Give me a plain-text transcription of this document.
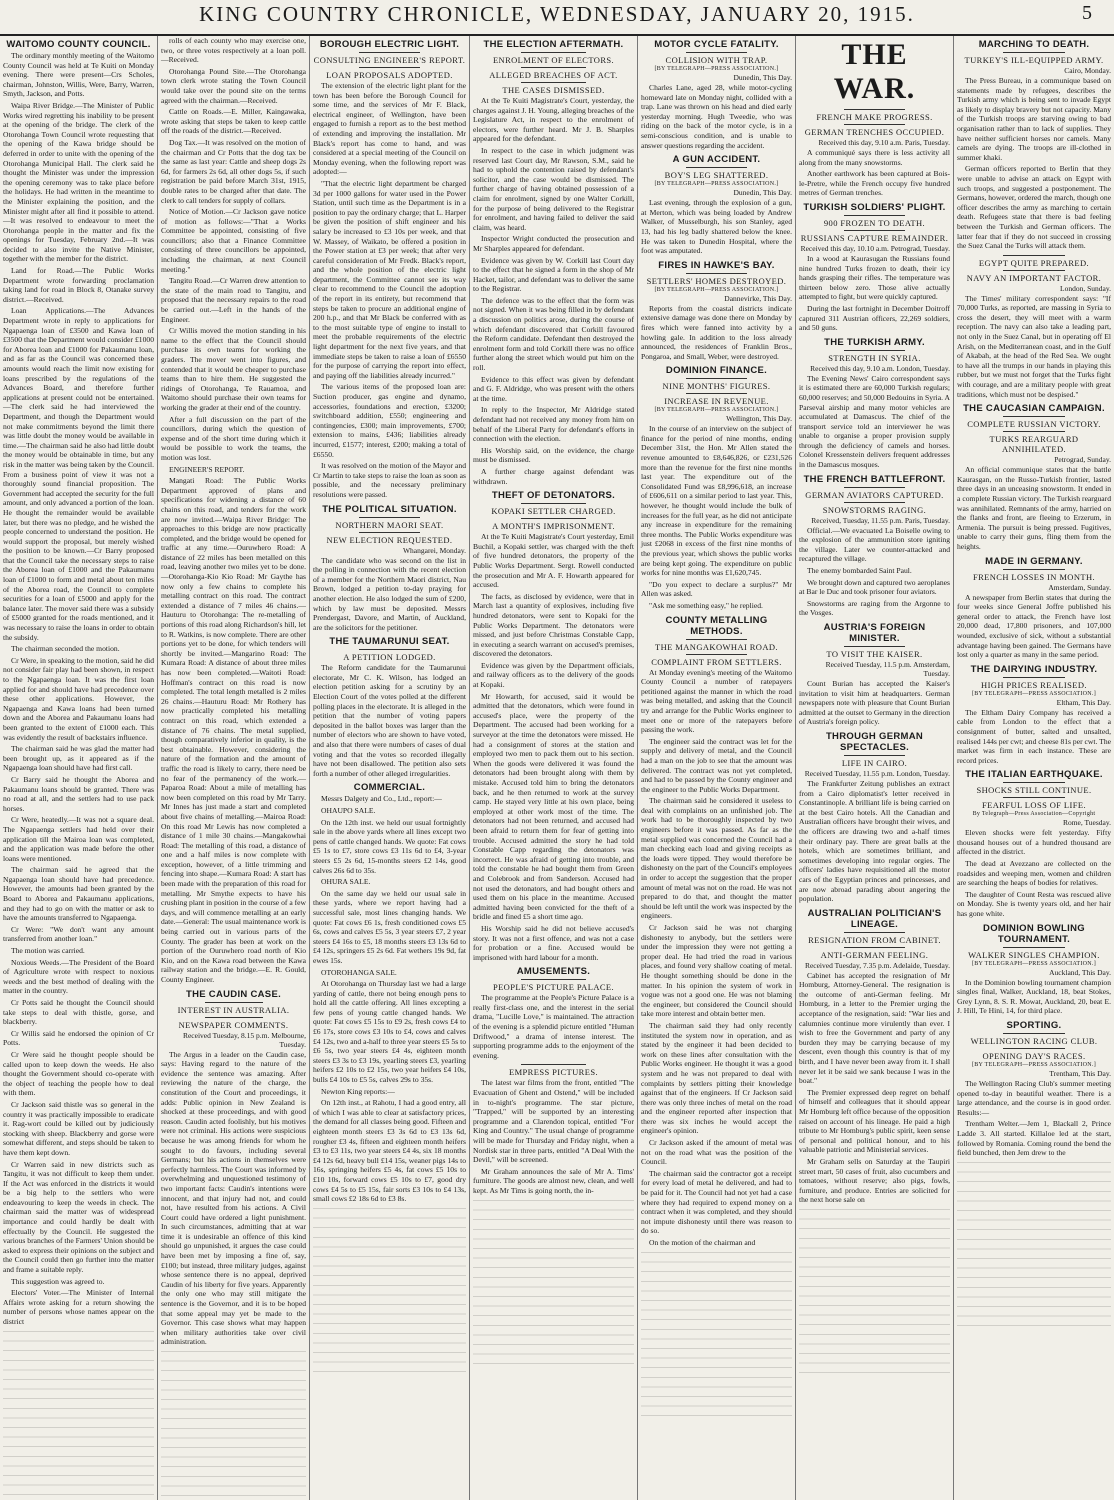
KING COUNTRY CHRONICLE, WEDNESDAY, JANUARY 20, 1915.	5
WAITOMO COUNTY COUNCIL.

The ordinary monthly meeting of the Waitomo County Council was held at Te Kuiti on Monday evening. There were present—Crs Scholes, chairman, Johnston, Willis, Were, Barry, Warren, Smyth, Jackson, and Potts.

Waipa River Bridge.—The Minister of Public Works wired regretting his inability to be present at the opening of the bridge. The clerk of the Otorohanga Town Council wrote requesting that the opening of the Kawa bridge should be deferred in order to unite with the opening of the Otorohanga Municipal Hall. The clerk said he thought the Minister was under the impression the opening ceremony was to take place before the holidays. He had written in the meantime to the Minister explaining the position, and the Minister might after all find it possible to attend.—It was resolved to endeavour to meet the Otorohanga people in the matter and fix the openings for Tuesday, February 2nd.—It was decided to also invite the Native Minister, together with the member for the district.

Land for Road.—The Public Works Department wrote forwarding proclamation taking land for road in Block 8, Otanake survey district.—Received.

Loan Applications.—The Advances Department wrote in reply to applications for Ngapaenga loan of £3500 and Kawa loan of £3500 that the Department would consider £1000 for Aborea loan and £1000 for Pakaumanu loan, and as far as the Council was concerned these amounts would reach the limit now existing for loans prescribed by the regulations of the Advances Board, and therefore further applications at present could not be entertained.—The clerk said he had interviewed the Department, and though the Department would not make commitments beyond the limit there was little doubt the money would be available in time.—The chairman said he also had little doubt the money would be obtainable in time, but any risk in the matter was being taken by the Council. From a business point of view it was not a thoroughly sound financial proposition. The Government had accepted the security for the full amount, and only advanced a portion of the loan. He thought the remainder would be available later, but there was no pledge, and he wished the people concerned to understand the position. He would support the proposal, but merely wished the position to be known.—Cr Barry proposed that the Council take the necessary steps to raise the Aborea loan of £1000 and the Pakaumanu loan of £1000 to form and metal about ten miles of the Aborea road, the Council to complete securities for a loan of £5000 and apply for the balance later. The mover said there was a subsidy of £5000 granted for the roads mentioned, and it was necessary to raise the loans in order to obtain the subsidy.

The chairman seconded the motion.

Cr Were, in speaking to the motion, said he did not consider fair play had been shown, in respect to the Ngapaenga loan. It was the first loan applied for and should have had precedence over these other applications. However, the Ngapaenga and Kawa loans had been turned down and the Aborea and Pakaumanu loans had been granted to the extent of £1000 each. This was evidently the result of backstairs influence.

The chairman said he was glad the matter had been brought up, as it appeared as if the Ngapaenga loan should have had first call.

Cr Barry said he thought the Aborea and Pakaumanu loans should be granted. There was no road at all, and the settlers had to use pack horses.

Cr Were, heatedly.—It was not a square deal. The Ngapaenga settlers had held over their application till the Mairoa loan was completed, and the application was made before the other loans were mentioned.

The chairman said he agreed that the Ngapaenga loan should have had precedence. However, the amounts had been granted by the Board to Aborea and Pakaumanu applications, and they had to go on with the matter or ask to have the amounts transferred to Ngapaenga.

Cr Were: "We don't want any amount transferred from another loan."

The motion was carried.

Noxious Weeds.—The President of the Board of Agriculture wrote with respect to noxious weeds and the best method of dealing with the matter in the country.

Cr Potts said he thought the Council should take steps to deal with thistle, gorse, and blackberry.

Cr Willis said he endorsed the opinion of Cr Potts.

Cr Were said he thought people should be called upon to keep down the weeds. He also thought the Government should co-operate with the object of teaching the people how to deal with them.

Cr Jackson said thistle was so general in the country it was practically impossible to eradicate it. Rag-wort could be killed out by judiciously stocking with sheep. Blackberry and gorse were somewhat different, and steps should be taken to have them kept down.

Cr Warren said in new districts such as Tangitu, it was not difficult to keep them under. If the Act was enforced in the districts it would be a big help to the settlers who were endeavouring to keep the weeds in check. The chairman said the matter was of widespread importance and could hardly be dealt with effectually by the Council. He suggested the various branches of the Farmers' Union should be asked to express their opinions on the subject and the Council could then go further into the matter and frame a suitable reply.

This suggestion was agreed to.

Electors' Voter.—The Minister of Internal Affairs wrote asking for a return showing the number of persons whose names appear on the district

rolls of each county who may exercise one, two, or three votes respectively at a loan poll.—Received.

Otorohanga Pound Site.—The Otorohanga town clerk wrote stating the Town Council would take over the pound site on the terms agreed with the chairman.—Received.

Cattle on Roads.—E. Miller, Kaingawaka, wrote asking that steps be taken to keep cattle off the roads of the district.—Received.

Dog Tax.—It was resolved on the motion of the chairman and Cr Potts that the dog tax be the same as last year: Cattle and sheep dogs 2s 6d, for farmers 2s 6d, all other dogs 5s, if such registration be paid before March 31st, 1915, double rates to be charged after that date. The clerk to call tenders for supply of collars.

Notice of Motion.—Cr Jackson gave notice of motion as follows:—"That a Works Committee be appointed, consisting of five councillors; also that a Finance Committee consisting of three councillors be appointed, including the chairman, at next Council meeting."

Tangitu Road.—Cr Warren drew attention to the state of the main road to Tangitu, and proposed that the necessary repairs to the road be carried out.—Left in the hands of the Engineer.

Cr Willis moved the motion standing in his name to the effect that the Council should purchase its own teams for working the graders. The mover went into figures, and contended that it would be cheaper to purchase teams than to hire them. He suggested the ridings of Otorohanga, Te Rauamoa, and Waitomo should purchase their own teams for working the grader at their end of the country.

After a full discussion on the part of the councillors, during which the question of expense and of the short time during which it would be possible to work the teams, the motion was lost.

ENGINEER'S REPORT.

Mangati Road: The Public Works Department approved of plans and specifications for widening a distance of 60 chains on this road, and tenders for the work are now invited.—Waipa River Bridge: The approaches to this bridge are now practically completed, and the bridge would be opened for traffic at any time.—Ouruwhero Road: A distance of 22 miles has been metalled on this road, leaving another two miles yet to be done.—Otorohanga-Kio Kio Road: Mr Gaythe has now only a few chains to complete his metalling contract on this road. The contract extended a distance of 7 miles 46 chains.—Hauturu to Otorohanga: The re-metalling of portions of this road along Richardson's hill, let to R. Watkins, is now complete. There are other portions yet to be done, for which tenders will shortly be invited.—Mangarino Road: The Kumara Road: A distance of about three miles has now been completed.—Waitoti Road: Hoffman's contract on this road is now completed. The total length metalled is 2 miles 26 chains.—Hauturu Road: Mr Rothery has now practically completed his metalling contract on this road, which extended a distance of 76 chains. The metal supplied, though comparatively inferior in quality, is the best obtainable. However, considering the nature of the formation and the amount of traffic the road is likely to carry, there need be no fear of the permanency of the work.—Paparoa Road: About a mile of metalling has now been completed on this road by Mr Tarry. Mr Innes has just made a start and completed about five chains of metalling.—Mairoa Road: On this road Mr Lewis has now completed a distance of 1 mile 30 chains.—Mangakowhai Road: The metalling of this road, a distance of one and a half miles is now complete with exception, however, of a little trimming and fencing into shape.—Kumara Road: A start has been made with the preparation of this road for metalling. Mr Smythe expects to have his crushing plant in position in the course of a few days, and will commence metalling at an early date.—General: The usual maintenance work is being carried out in various parts of the County. The grader has been at work on the portion of the Ouruwhero road north of Kio Kio, and on the Kawa road between the Kawa railway station and the bridge.—E. R. Gould, County Engineer.

THE CAUDIN CASE.
INTEREST IN AUSTRALIA.
NEWSPAPER COMMENTS.
Received Tuesday, 8.15 p.m. Melbourne, Tuesday.

The Argus in a leader on the Caudin case, says: Having regard to the nature of the evidence the sentence was amazing. After reviewing the nature of the charge, the constitution of the Court and proceedings, it adds: Public opinion in New Zealand is shocked at these proceedings, and with good reason. Caudin acted foolishly, but his motives were not criminal. His actions were suspicious because he was among friends for whom he sought to do favours, including several Germans; but his actions in themselves were perfectly harmless. The Court was informed by overwhelming and unquestioned testimony of two important facts: Caudin's intentions were innocent, and that injury had not, and could not, have resulted from his actions. A Civil Court could have ordered a light punishment. In such circumstances, admitting that at war time it is undesirable an offence of this kind should go unpunished, it argues the case could have been met by imposing a fine of, say, £100; but instead, three military judges, against whose sentence there is no appeal, deprived Caudin of his liberty for five years. Apparently the only one who may still mitigate the sentence is the Governor, and it is to be hoped that some appeal may yet be made to the Governor. This case shows what may happen when military authorities take over civil administration.

BOROUGH ELECTRIC LIGHT.
CONSULTING ENGINEER'S REPORT.
LOAN PROPOSALS ADOPTED.

The extension of the electric light plant for the town has been before the Borough Council for some time, and the services of Mr F. Black, electrical engineer, of Wellington, have been engaged to furnish a report as to the best method of extending and improving the installation. Mr Black's report has come to hand, and was considered at a special meeting of the Council on Monday evening, when the following report was adopted:—

"That the electric light department be charged 3d per 1000 gallons for water used in the Power Station, until such time as the Department is in a position to pay the ordinary charge; that L. Harper be given the position of shift engineer and his salary be increased to £3 10s per week, and that W. Massey, of Waikato, be offered a position in the Power station at £3 per week; that after very careful consideration of Mr Fredk. Black's report, and the whole position of the electric light department, the Committee cannot see its way clear to recommend to the Council the adoption of the report in its entirety, but recommend that steps be taken to procure an additional engine of 200 h.p., and that Mr Black be conferred with as to the most suitable type of engine to install to meet the probable requirements of the electric light department for the next five years, and that immediate steps be taken to raise a loan of £6550 for the purpose of carrying the report into effect, and paying off the liabilities already incurred."

The various items of the proposed loan are: Suction producer, gas engine and dynamo, accessories, foundations and erection, £3200; switchboard addition, £550; engineering and contingencies, £300; main improvements, £700; extension to mains, £436; liabilities already incurred, £1577; interest, £200; making a total of £6550.

It was resolved on the motion of the Mayor and Cr Martin to take steps to raise the loan as soon as possible, and the necessary preliminary resolutions were passed.

THE POLITICAL SITUATION.
NORTHERN MAORI SEAT.
NEW ELECTION REQUESTED.
Whangarei, Monday.

The candidate who was second on the list in the polling in connection with the recent election of a member for the Northern Maori district, Nau Brown, lodged a petition to-day praying for another election. He also lodged the sum of £200, which by law must be deposited. Messrs Prendergast, Davore, and Martin, of Auckland, are the solicitors for the petitioner.

THE TAUMARUNUI SEAT.
A PETITION LODGED.

The Reform candidate for the Taumarunui electorate, Mr C. K. Wilson, has lodged an election petition asking for a scrutiny by an Election Court of the votes polled at the different polling places in the electorate. It is alleged in the petition that the number of voting papers deposited in the ballot boxes was larger than the number of electors who are shown to have voted, and also that there were numbers of cases of dual voting and that the votes so recorded illegally have not been disallowed. The petition also sets forth a number of other alleged irregularities.

COMMERCIAL.

Messrs Dalgety and Co., Ltd., report:—

OHAUPO SALE.

On the 12th inst. we held our usual fortnightly sale in the above yards where all lines except two pens of cattle changed hands. We quote: Fat cows £5 1s to £7, store cows £3 11s 6d to £4, 3-year steers £5 2s 6d, 15-months steers £2 14s, good calves 26s 6d to 35s.

OHURA SALE.

On the same day we held our usual sale in these yards, where we report having had a successful sale, most lines changing hands. We quote: Fat cows £6 1s, fresh conditioned cows £5 6s, cows and calves £5 5s, 3 year steers £7, 2 year steers £4 16s to £5, 18 months steers £3 13s 6d to £4 12s, springers £5 2s 6d. Fat wethers 19s 9d, fat ewes 15s.

OTOROHANGA SALE.

At Otorohanga on Thursday last we had a large yarding of cattle, there not being enough pens to hold all the cattle offering. All lines excepting a few pens of young cattle changed hands. We quote: Fat cows £5 15s to £9 2s, fresh cows £4 to £6 17s, store cows £3 10s to £4, cows and calves £4 12s, two and a-half to three year steers £5 5s to £6 5s, two year steers £4 4s, eighteen month steers £3 3s to £3 19s, yearling steers £3, yearling heifers £2 10s to £2 15s, two year heifers £4 10s, bulls £4 10s to £5 5s, calves 29s to 35s.

Newton King reports:—

On 12th inst., at Rahotu, I had a good entry, all of which I was able to clear at satisfactory prices, the demand for all classes being good. Fifteen and eighteen month steers £3 3s 6d to £3 13s 6d, rougher £3 4s, fifteen and eighteen month heifers £3 to £3 11s, two year steers £4 4s, six 18 months £4 12s 6d, heavy bull £14 15s, weaner pigs 14s to 16s, springing heifers £5 4s, fat cows £5 10s to £10 10s, forward cows £5 10s to £7, good dry cows £4 5s to £5 15s, fair sorts £3 10s to £4 13s, small cows £2 18s 6d to £3 8s.

THE ELECTION AFTERMATH.
ENROLMENT OF ELECTORS.
ALLEGED BREACHES OF ACT.
THE CASES DISMISSED.

At the Te Kuiti Magistrate's Court, yesterday, the charges against J. H. Young, alleging breaches of the Legislature Act, in respect to the enrolment of electors, were further heard. Mr J. B. Sharples appeared for the defendant.

In respect to the case in which judgment was reserved last Court day, Mr Rawson, S.M., said he had to uphold the contention raised by defendant's solicitor, and the case would be dismissed. The further charge of having obtained possession of a claim for enrolment, signed by one Walter Corkill, for the purpose of being delivered to the Registrar for enrolment, and having failed to deliver the said claim, was heard.

Inspector Wright conducted the prosecution and Mr Sharples appeared for defendant.

Evidence was given by W. Corkill last Court day to the effect that he signed a form in the shop of Mr Hacket, tailor, and defendant was to deliver the same to the Registrar.

The defence was to the effect that the form was not signed. When it was being filled in by defendant a discussion on politics arose, during the course of which defendant discovered that Corkill favoured the Reform candidate. Defendant then destroyed the enrolment form and told Corkill there was no office further along the street which would put him on the roll.

Evidence to this effect was given by defendant and G. F. Aldridge, who was present with the others at the time.

In reply to the Inspector, Mr Aldridge stated defendant had not received any money from him on behalf of the Liberal Party for defendant's efforts in connection with the election.

His Worship said, on the evidence, the charge must be dismissed.

A further charge against defendant was withdrawn.

THEFT OF DETONATORS.
KOPAKI SETTLER CHARGED.
A MONTH'S IMPRISONMENT.

At the Te Kuiti Magistrate's Court yesterday, Emil Buchil, a Kopaki settler, was charged with the theft of five hundred detonators, the property of the Public Works Department. Sergt. Rowell conducted the prosecution and Mr A. F. Howarth appeared for accused.

The facts, as disclosed by evidence, were that in March last a quantity of explosives, including five hundred detonators, were sent to Kopaki for the Public Works Department. The detonators were missed, and just before Christmas Constable Capp, in executing a search warrant on accused's premises, discovered the detonators.

Evidence was given by the Department officials, and railway officers as to the delivery of the goods at Kopaki.

Mr Howarth, for accused, said it would be admitted that the detonators, which were found in accused's place, were the property of the Department. The accused had been working for a surveyor at the time the detonators were missed. He had a consignment of stores at the station and employed two men to pack them out to his section. When the goods were delivered it was found the detonators had been brought along with them by mistake. Accused told him to bring the detonators back, and he then returned to work at the survey camp. He stayed very little at his own place, being employed at other work most of the time. The detonators had not been returned, and accused had been afraid to return them for fear of getting into trouble. Accused admitted the story he had told Constable Capp regarding the detonators was incorrect. He was afraid of getting into trouble, and told the constable he had bought them from Green and Colebrook and from Sanderson. Accused had not used the detonators, and had bought others and used them on his place in the meantime. Accused admitted having been convicted for the theft of a bridle and fined £5 a short time ago.

His Worship said he did not believe accused's story. It was not a first offence, and was not a case for probation or a fine. Accused would be imprisoned with hard labour for a month.

AMUSEMENTS.
PEOPLE'S PICTURE PALACE.

The programme at the People's Picture Palace is a really first-class one, and the interest in the serial drama, "Lucille Love," is maintained. The attraction of the evening is a splendid picture entitled "Human Driftwood," a drama of intense interest. The supporting programme adds to the enjoyment of the evening.

EMPRESS PICTURES.

The latest war films from the front, entitled "The Evacuation of Ghent and Ostend," will be included in to-night's programme. The star picture, "Trapped," will be supported by an interesting programme and a Clarendon topical, entitled "For King and Country." The usual change of programme will be made for Thursday and Friday night, when a Nordisk star in three parts, entitled "A Deal With the Devil," will be screened.

Mr Graham announces the sale of Mr A. Tims' furniture. The goods are almost new, clean, and well kept. As Mr Tims is going north, the in-

MOTOR CYCLE FATALITY.
COLLISION WITH TRAP.
[BY TELEGRAPH—PRESS ASSOCIATION.]
Dunedin, This Day.

Charles Lane, aged 28, while motor-cycling homeward late on Monday night, collided with a trap. Lane was thrown on his head and died early yesterday morning. Hugh Tweedie, who was riding on the back of the motor cycle, is in a semi-conscious condition, and is unable to answer questions regarding the accident.

A GUN ACCIDENT.
BOY'S LEG SHATTERED.
[BY TELEGRAPH—PRESS ASSOCIATION.]
Dunedin, This Day.

Last evening, through the explosion of a gun, at Merton, which was being loaded by Andrew Walker, of Musselburgh, his son Stanley, aged 13, had his leg badly shattered below the knee. He was taken to Dunedin Hospital, where the foot was amputated.

FIRES IN HAWKE'S BAY.
SETTLERS' HOMES DESTROYED.
[BY TELEGRAPH—PRESS ASSOCIATION.]
Dannevirke, This Day.

Reports from the coastal districts indicate extensive damage was done there on Monday by fires which were fanned into activity by a howling gale. In addition to the loss already announced, the residences of Franklin Bros., Pongaroa, and Small, Weber, were destroyed.

DOMINION FINANCE.
NINE MONTHS' FIGURES.
INCREASE IN REVENUE.
[BY TELEGRAPH—PRESS ASSOCIATION.]
Wellington, This Day.

In the course of an interview on the subject of finance for the period of nine months, ending December 31st, the Hon. Mr Allen stated the revenue amounted to £8,646,826, or £231,526 more than the revenue for the first nine months last year. The expenditure out of the Consolidated Fund was £8,996,618, an increase of £606,611 on a similar period to last year. This, however, he thought would include the bulk of increases for the full year, as he did not anticipate any increase in expenditure for the remaining three months. The Public Works expenditure was just £2068 in excess of the first nine months of the previous year, which shows the public works are being kept going. The expenditure on public works for nine months was £1,620,745.

"Do you expect to declare a surplus?" Mr Allen was asked.

"Ask me something easy," he replied.

COUNTY METALLING METHODS.
THE MANGAKOWHAI ROAD.
COMPLAINT FROM SETTLERS.

At Monday evening's meeting of the Waitomo County Council a number of ratepayers petitioned against the manner in which the road was being metalled, and asking that the Council try and arrange for the Public Works engineer to meet one or more of the ratepayers before passing the work.

The engineer said the contract was let for the supply and delivery of metal, and the Council had a man on the job to see that the amount was delivered. The contract was not yet completed, and had to be passed by the County engineer and the engineer to the Public Works Department.

The chairman said he considered it useless to deal with complaints on an unfinished job. The work had to be thoroughly inspected by two engineers before it was passed. As far as the metal supplied was concerned the Council had a man checking each load and giving receipts as the loads were tipped. They would therefore be dishonesty on the part of the Council's employees in order to accept the suggestion that the proper amount of metal was not on the road. He was not prepared to do that, and thought the matter should be left until the work was inspected by the engineers.

Cr Jackson said he was not charging dishonesty to anybody, but the settlers were under the impression they were not getting a proper deal. He had tried the road in various places, and found very shallow coating of metal. He thought something should be done in the matter. In his opinion the system of work in vogue was not a good one. He was not blaming the engineer, but considered the Council should take more interest and obtain better men.

The chairman said they had only recently instituted the system now in operation, and as stated by the engineer it had been decided to work on these lines after consultation with the Public Works engineer. He thought it was a good system and he was not prepared to deal with complaints by settlers pitting their knowledge against that of the engineers. If Cr Jackson said there was only three inches of metal on the road and the engineer reported after inspection that there was six inches he would accept the engineer's opinion.

Cr Jackson asked if the amount of metal was not on the road what was the position of the Council.

The chairman said the contractor got a receipt for every load of metal he delivered, and had to be paid for it. The Council had not yet had a case where they had required to expend money on a contract when it was completed, and they should not impute dishonesty until there was reason to do so.

On the motion of the chairman and

THE WAR.
FRENCH MAKE PROGRESS.
GERMAN TRENCHES OCCUPIED.
Received this day, 9.10 a.m. Paris, Tuesday.

A communiqué says there is less activity all along from the many snowstorms.

Another earthwork has been captured at Bois-le-Pretre, while the French occupy five hundred metres of German trenches.

TURKISH SOLDIERS' PLIGHT.
900 FROZEN TO DEATH.
RUSSIANS CAPTURE REMAINDER.
Received this day, 10.10 a.m. Petrograd, Tuesday.

In a wood at Kaurasugan the Russians found nine hundred Turks frozen to death, their icy hands grasping their rifles. The temperature was thirteen below zero. Those alive actually attempted to fight, but were quickly captured.

During the last fortnight in December Doitroff captured 311 Austrian officers, 22,269 soldiers, and 50 guns.

THE TURKISH ARMY.
STRENGTH IN SYRIA.
Received this day, 9.10 a.m. London, Tuesday.

The Evening News' Cairo correspondent says it is estimated there are 60,000 Turkish regulars; 60,000 reserves; and 50,000 Bedouins in Syria. A Parseval airship and many motor vehicles are accumulated at Damascus. The chief of the transport service told an interviewer he was unable to organise a proper provision supply through the deficiency of camels and horses. Colonel Kressenstein delivers frequent addresses in the Damascus mosques.

THE FRENCH BATTLEFRONT.
GERMAN AVIATORS CAPTURED.
SNOWSTORMS RAGING.
Received, Tuesday, 11.55 p.m. Paris, Tuesday.

Official.—We evacuated La Boiselle owing to the explosion of the ammunition store igniting the village. Later we counter-attacked and recaptured the village.

The enemy bombarded Saint Paul.

We brought down and captured two aeroplanes at Bar le Duc and took prisoner four aviators.

Snowstorms are raging from the Argonne to the Vosges.

AUSTRIA'S FOREIGN MINISTER.
TO VISIT THE KAISER.
Received Tuesday, 11.5 p.m. Amsterdam, Tuesday.

Count Burian has accepted the Kaiser's invitation to visit him at headquarters. German newspapers note with pleasure that Count Burian admitted at the outset to Germany in the direction of Austria's foreign policy.

THROUGH GERMAN SPECTACLES.
LIFE IN CAIRO.
Received Tuesday, 11.55 p.m. London, Tuesday.

The Frankfurter Zeitung publishes an extract from a Cairo diplomatist's letter received in Constantinople. A brilliant life is being carried on at the best Cairo hotels. All the Canadian and Australian officers have brought their wives, and the officers are drawing two and a-half times their ordinary pay. There are great balls at the hotels, which are sometimes brilliant, and sometimes developing into regular orgies. The officers' ladies have requisitioned all the motor cars of the Egyptian princes and princesses, and are now abroad parading about angering the population.

AUSTRALIAN POLITICIAN'S LINEAGE.
RESIGNATION FROM CABINET.
ANTI-GERMAN FEELING.
Received Tuesday, 7.35 p.m. Adelaide, Tuesday.

Cabinet has accepted the resignation of Mr Homburg, Attorney-General. The resignation is the outcome of anti-German feeling. Mr Homburg, in a letter to the Premier urging the acceptance of the resignation, said: "War lies and calumnies continue more virulently than ever. I wish to free the Government and party of any burden they may be carrying because of my descent, even though this country is that of my birth, and I have never been away from it. I shall never let it be said we sank because I was in the boat."

The Premier expressed deep regret on behalf of himself and colleagues that it should appear Mr Homburg left office because of the opposition raised on account of his lineage. He paid a high tribute to Mr Homburg's public spirit, keen sense of personal and political honour, and to his valuable patriotic and Ministerial services.

Mr Graham sells on Saturday at the Taupiri street mart, 50 cases of fruit, also cucumbers and tomatoes, without reserve; also pigs, fowls, furniture, and produce. Entries are solicited for the next horse sale on

MARCHING TO DEATH.
TURKEY'S ILL-EQUIPPED ARMY.
Cairo, Monday.

The Press Bureau, in a communique based on statements made by refugees, describes the Turkish army which is being sent to invade Egypt as likely to display bravery but not capacity. Many of the Turkish troops are starving owing to bad organisation rather than to lack of supplies. They have neither sufficient horses nor camels. Many camels are dying. The troops are ill-clothed in summer khaki.

German officers reported to Berlin that they were unable to advise an attack on Egypt with such troops, and suggested a postponement. The Germans, however, ordered the march, though one officer describes the army as marching to certain death. Refugees state that there is bad feeling between the Turkish and German officers. The latter fear that if they do not succeed in crossing the Suez Canal the Turks will attack them.

EGYPT QUITE PREPARED.
NAVY AN IMPORTANT FACTOR.
London, Sunday.

The Times' military correspondent says: "If 70,000 Turks, as reported, are massing in Syria to cross the desert, they will meet with a warm reception. The navy can also take a leading part, not only in the Suez Canal, but in operating off El Arish, on the Mediterranean coast, and in the Gulf of Akabah, at the head of the Red Sea. We ought to have all the trumps in our hands in playing this rubber, but we must not forget that the Turks fight with courage, and are a military people with great traditions, which must not be despised."

THE CAUCASIAN CAMPAIGN.
COMPLETE RUSSIAN VICTORY.
TURKS REARGUARD ANNIHILATED.
Petrograd, Sunday.

An official communique states that the battle Kaurasgan, on the Russo-Turkish frontier, lasted three days in an unceasing snowstorm. It ended in a complete Russian victory. The Turkish rearguard was annihilated. Remnants of the army, harried on the flanks and front, are fleeing to Erzerum, in Armenia. The pursuit is being pressed. Fugitives, unable to carry their guns, fling them from the heights.

MADE IN GERMANY.
FRENCH LOSSES IN MONTH.
Amsterdam, Sunday.

A newspaper from Berlin states that during the four weeks since General Joffre published his general order to attack, the French have lost 20,000 dead, 17,800 prisoners, and 107,000 wounded, exclusive of sick, without a substantial advantage having been gained. The Germans have lost only a quarter as many in the same period.

THE DAIRYING INDUSTRY.
HIGH PRICES REALISED.
[BY TELEGRAPH—PRESS ASSOCIATION.]
Eltham, This Day.

The Eltham Dairy Company has received a cable from London to the effect that a consignment of butter, salted and unsalted, realised 144s per cwt; and cheese 81s per cwt. The market was firm in each instance. These are record prices.

THE ITALIAN EARTHQUAKE.
SHOCKS STILL CONTINUE.
FEARFUL LOSS OF LIFE.
By Telegraph—Press Association—Copyright
Rome, Tuesday.

Eleven shocks were felt yesterday. Fifty thousand houses out of a hundred thousand are affected in the district.

The dead at Avezzano are collected on the roadsides and weeping men, women and children are searching the heaps of bodies for relatives.

The daughter of Count Resta was rescued alive on Monday. She is twenty years old, and her hair has gone white.

DOMINION BOWLING TOURNAMENT.
WALKER SINGLES CHAMPION.
[BY TELEGRAPH—PRESS ASSOCIATION.]
Auckland, This Day.

In the Dominion bowling tournament champion singles final, Walker, Auckland, 18, beat Stokes, Grey Lynn, 8. S. R. Mowat, Auckland, 20, beat E. J. Hill, Te Hini, 14, for third place.

SPORTING.
WELLINGTON RACING CLUB.
OPENING DAY'S RACES.
[BY TELEGRAPH—PRESS ASSOCIATION.]
Trentham, This Day.

The Wellington Racing Club's summer meeting opened to-day in beautiful weather. There is a large attendance, and the course is in good order. Results:—

Trentham Welter.—Jem 1, Blackall 2, Prince Ladde 3. All started. Killaloe led at the start, followed by Romania. Coming round the bend the field bunched, then Jem drew to the
